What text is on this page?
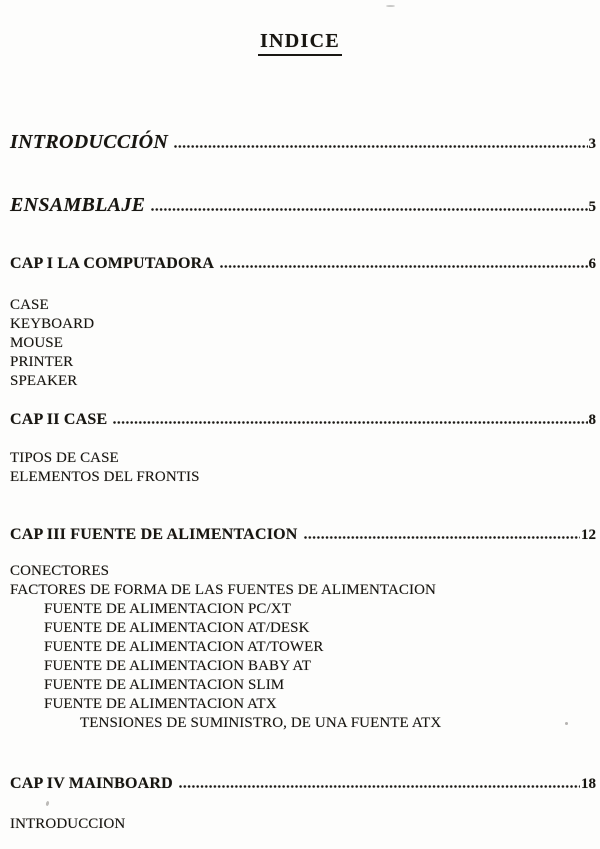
INDICE
INTRODUCCIÓN	3
ENSAMBLAJE	5
CAP I LA COMPUTADORA	6
CASE
KEYBOARD
MOUSE
PRINTER
SPEAKER
CAP II CASE	8
TIPOS DE CASE
ELEMENTOS DEL FRONTIS
CAP III FUENTE DE ALIMENTACION	12
CONECTORES
FACTORES DE FORMA DE LAS FUENTES DE ALIMENTACION
FUENTE DE ALIMENTACION PC/XT
FUENTE DE ALIMENTACION AT/DESK
FUENTE DE ALIMENTACION AT/TOWER
FUENTE DE ALIMENTACION BABY AT
FUENTE DE ALIMENTACION SLIM
FUENTE DE ALIMENTACION ATX
TENSIONES DE SUMINISTRO, DE UNA FUENTE ATX
CAP IV MAINBOARD	18
INTRODUCCION
